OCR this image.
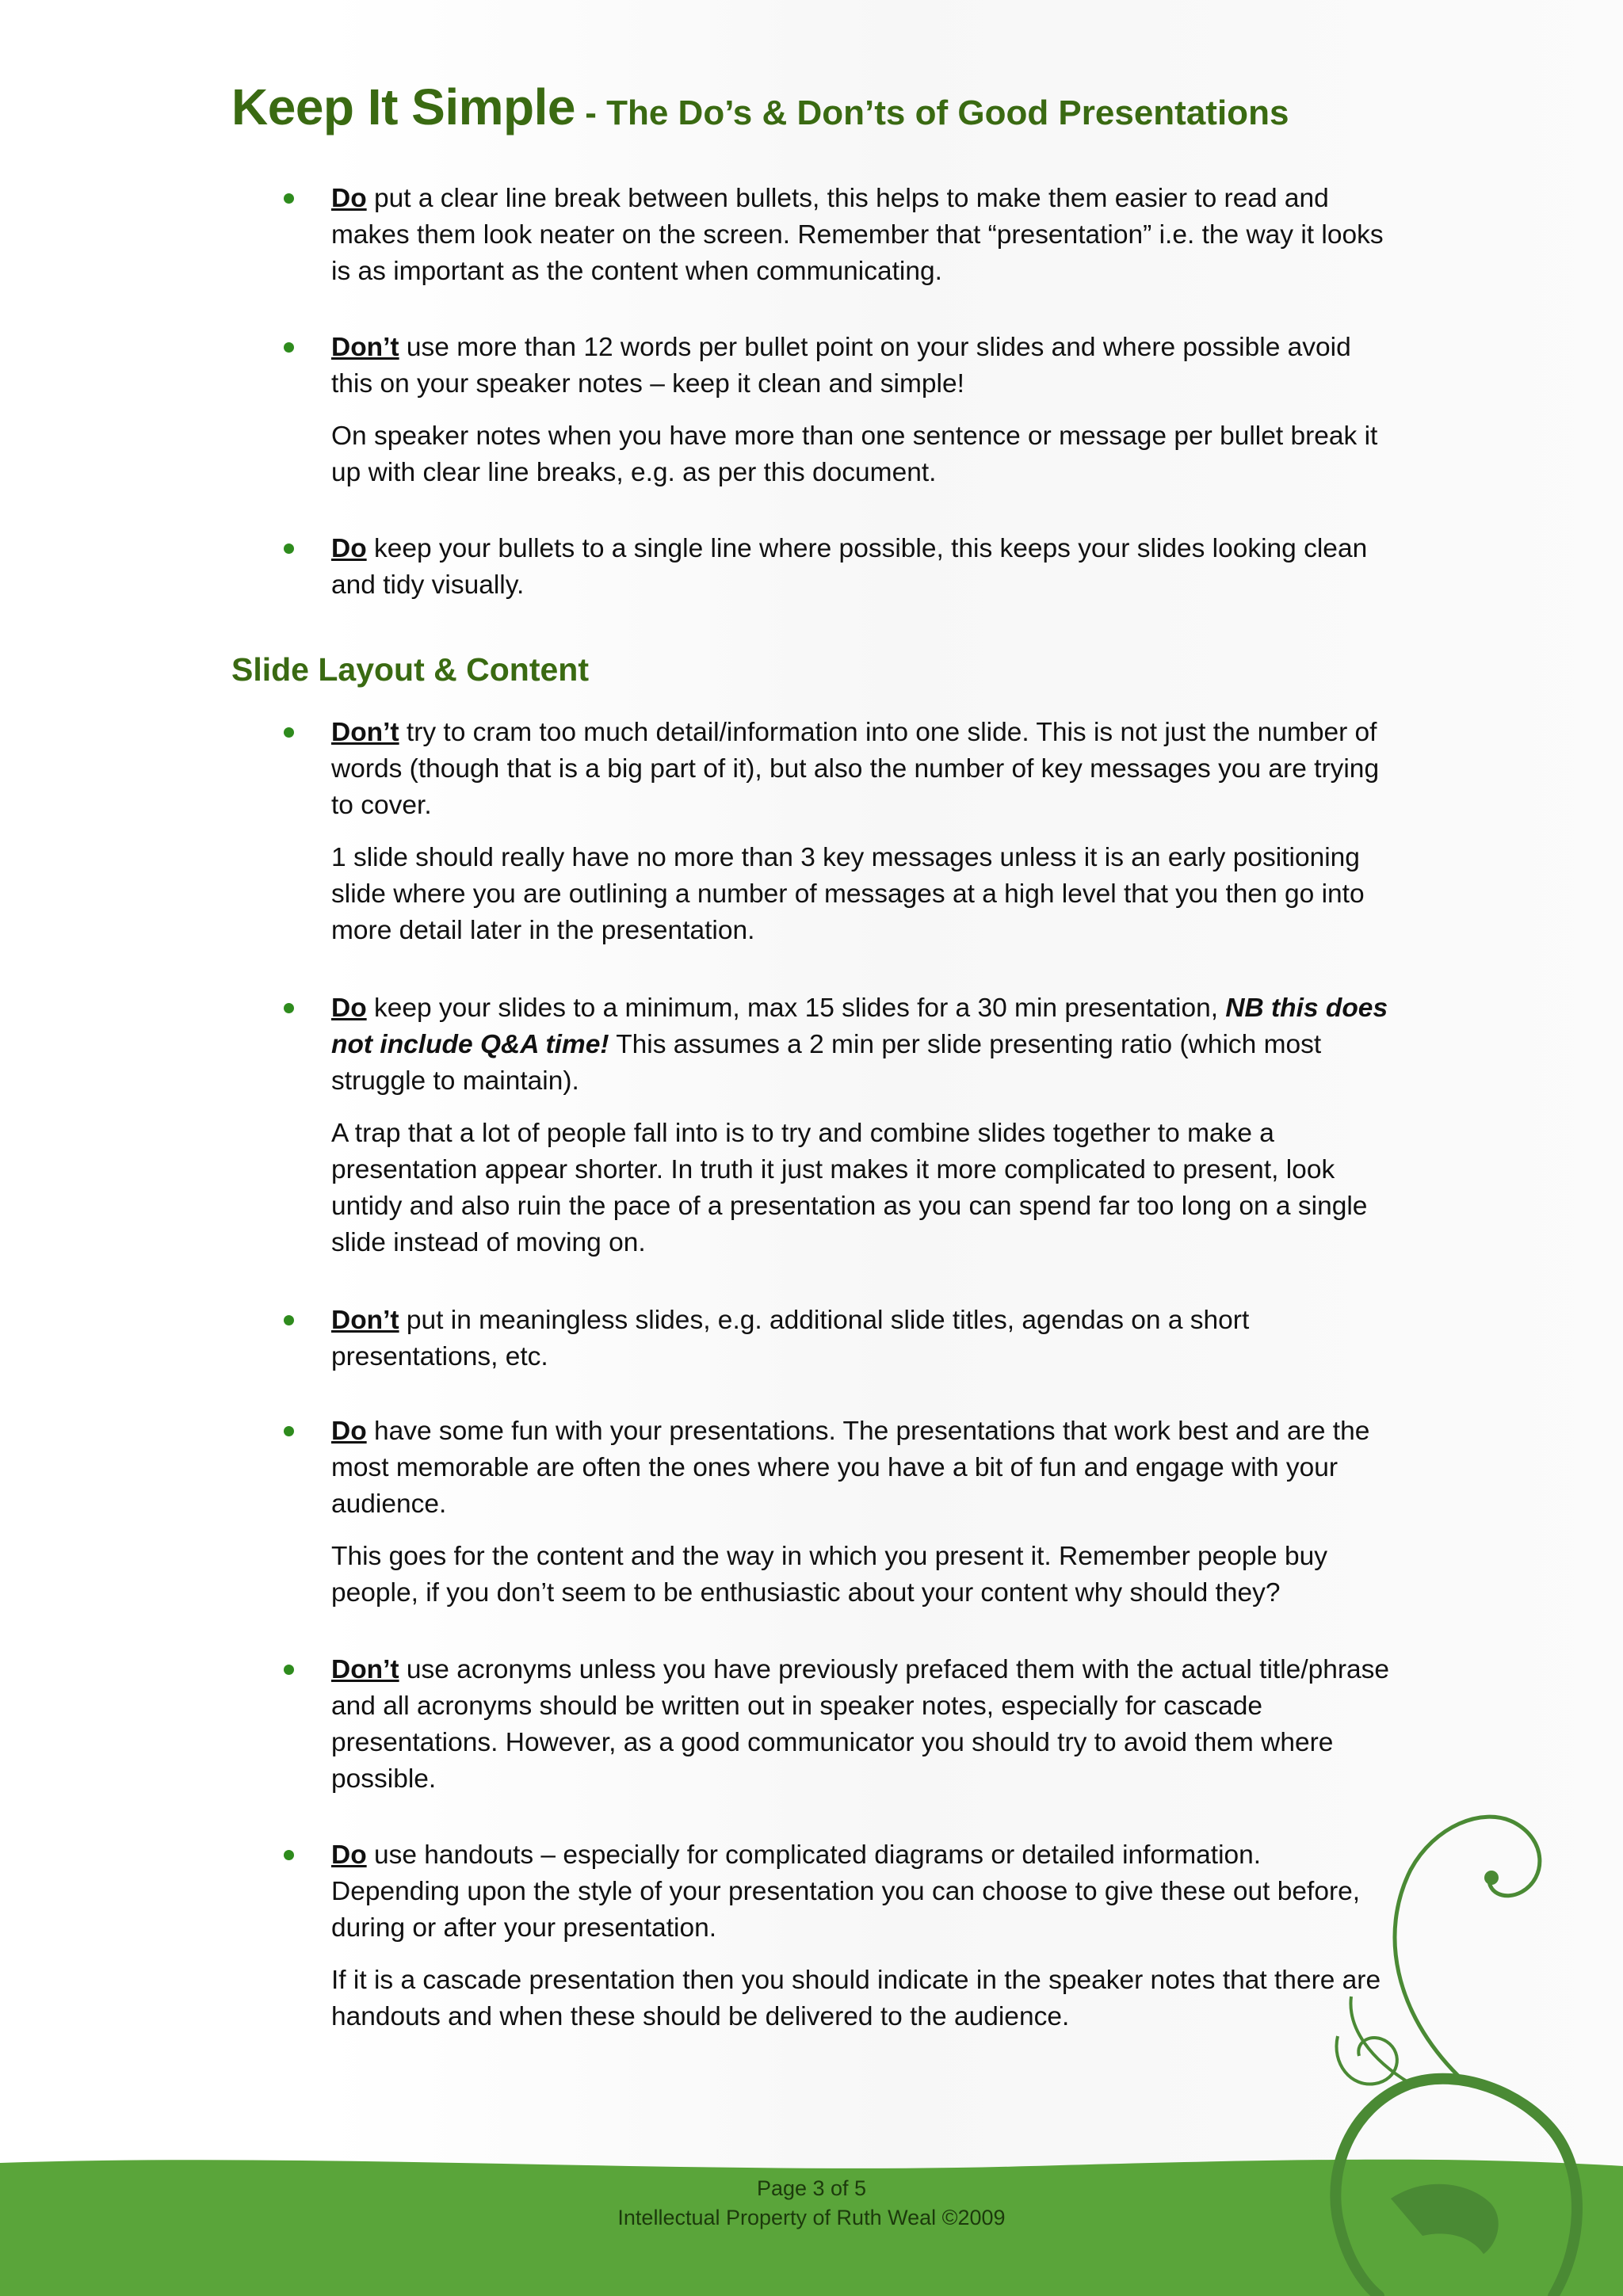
Keep It Simple - The Do’s & Don’ts of Good Presentations

Do put a clear line break between bullets, this helps to make them easier to read and makes them look neater on the screen. Remember that “presentation” i.e. the way it looks is as important as the content when communicating.

Don’t use more than 12 words per bullet point on your slides and where possible avoid this on your speaker notes – keep it clean and simple!

On speaker notes when you have more than one sentence or message per bullet break it up with clear line breaks, e.g. as per this document.

Do keep your bullets to a single line where possible, this keeps your slides looking clean and tidy visually.

Slide Layout & Content

Don’t try to cram too much detail/information into one slide. This is not just the number of words (though that is a big part of it), but also the number of key messages you are trying to cover.

1 slide should really have no more than 3 key messages unless it is an early positioning slide where you are outlining a number of messages at a high level that you then go into more detail later in the presentation.

Do keep your slides to a minimum, max 15 slides for a 30 min presentation, NB this does not include Q&A time! This assumes a 2 min per slide presenting ratio (which most struggle to maintain).

A trap that a lot of people fall into is to try and combine slides together to make a presentation appear shorter. In truth it just makes it more complicated to present, look untidy and also ruin the pace of a presentation as you can spend far too long on a single slide instead of moving on.

Don’t put in meaningless slides, e.g. additional slide titles, agendas on a short presentations, etc.

Do have some fun with your presentations. The presentations that work best and are the most memorable are often the ones where you have a bit of fun and engage with your audience.

This goes for the content and the way in which you present it. Remember people buy people, if you don’t seem to be enthusiastic about your content why should they?

Don’t use acronyms unless you have previously prefaced them with the actual title/phrase and all acronyms should be written out in speaker notes, especially for cascade presentations. However, as a good communicator you should try to avoid them where possible.

Do use handouts – especially for complicated diagrams or detailed information. Depending upon the style of your presentation you can choose to give these out before, during or after your presentation.

If it is a cascade presentation then you should indicate in the speaker notes that there are handouts and when these should be delivered to the audience.

Page 3 of 5
Intellectual Property of Ruth Weal ©2009
